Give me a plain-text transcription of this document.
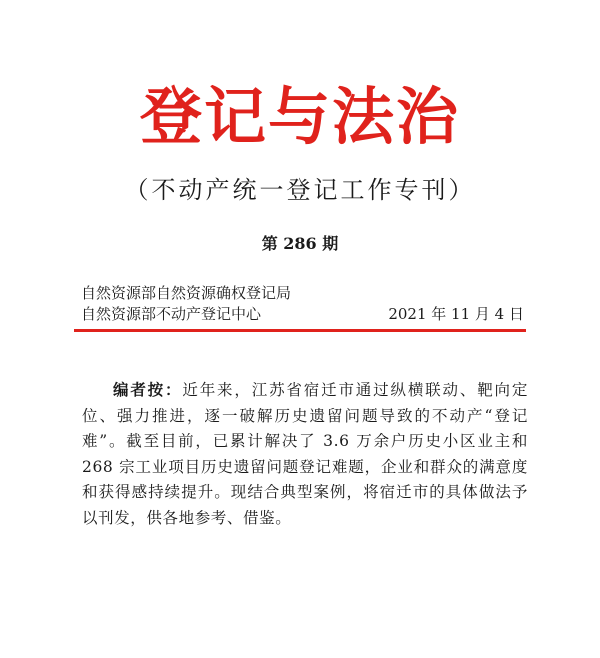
登记与法治
（不动产统一登记工作专刊）
第 286 期
自然资源部自然资源确权登记局
自然资源部不动产登记中心	2021 年 11 月 4 日

编者按：近年来，江苏省宿迁市通过纵横联动、靶向定位、强力推进，逐一破解历史遗留问题导致的不动产“登记难”。截至目前，已累计解决了 3.6 万余户历史小区业主和 268 宗工业项目历史遗留问题登记难题，企业和群众的满意度和获得感持续提升。现结合典型案例，将宿迁市的具体做法予以刊发，供各地参考、借鉴。
